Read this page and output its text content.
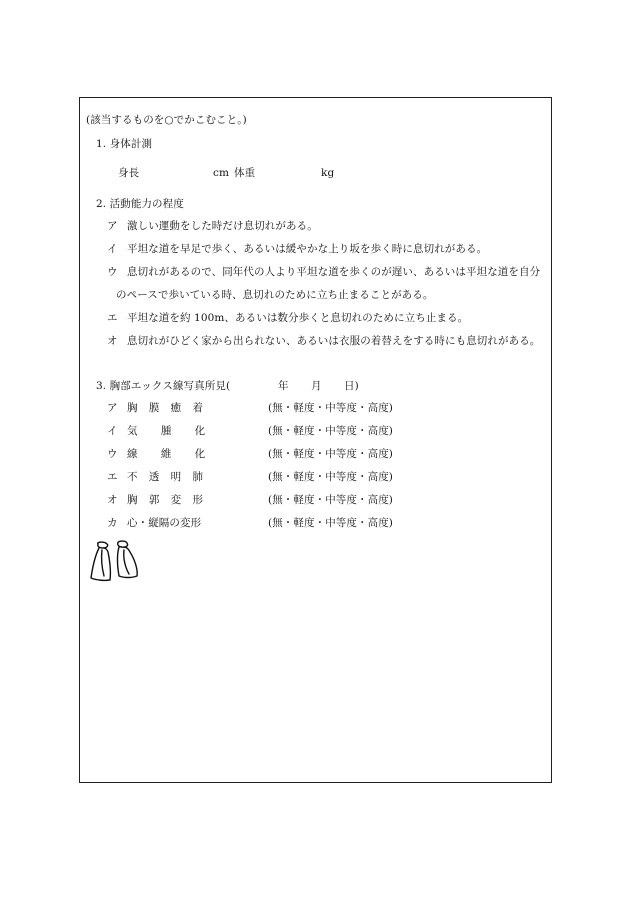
(該当するものを○でかこむこと。)
1. 身体計測
身長	cm 体重	kg
2. 活動能力の程度
ア 激しい運動をした時だけ息切れがある。
イ 平坦な道を早足で歩く、あるいは緩やかな上り坂を歩く時に息切れがある。
ウ 息切れがあるので、同年代の人より平坦な道を歩くのが遅い、あるいは平坦な道を自分
のペースで歩いている時、息切れのために立ち止まることがある。
エ 平坦な道を約 100m、あるいは数分歩くと息切れのために立ち止まる。
オ 息切れがひどく家から出られない、あるいは衣服の着替えをする時にも息切れがある。
3. 胸部エックス線写真所見(	年 月 日)
ア 胸 膜 癒 着	(無・軽度・中等度・高度)
イ 気 腫 化	(無・軽度・中等度・高度)
ウ 線 維 化	(無・軽度・中等度・高度)
エ 不 透 明 肺	(無・軽度・中等度・高度)
オ 胸 郭 変 形	(無・軽度・中等度・高度)
カ 心・縦隔の変形	(無・軽度・中等度・高度)
